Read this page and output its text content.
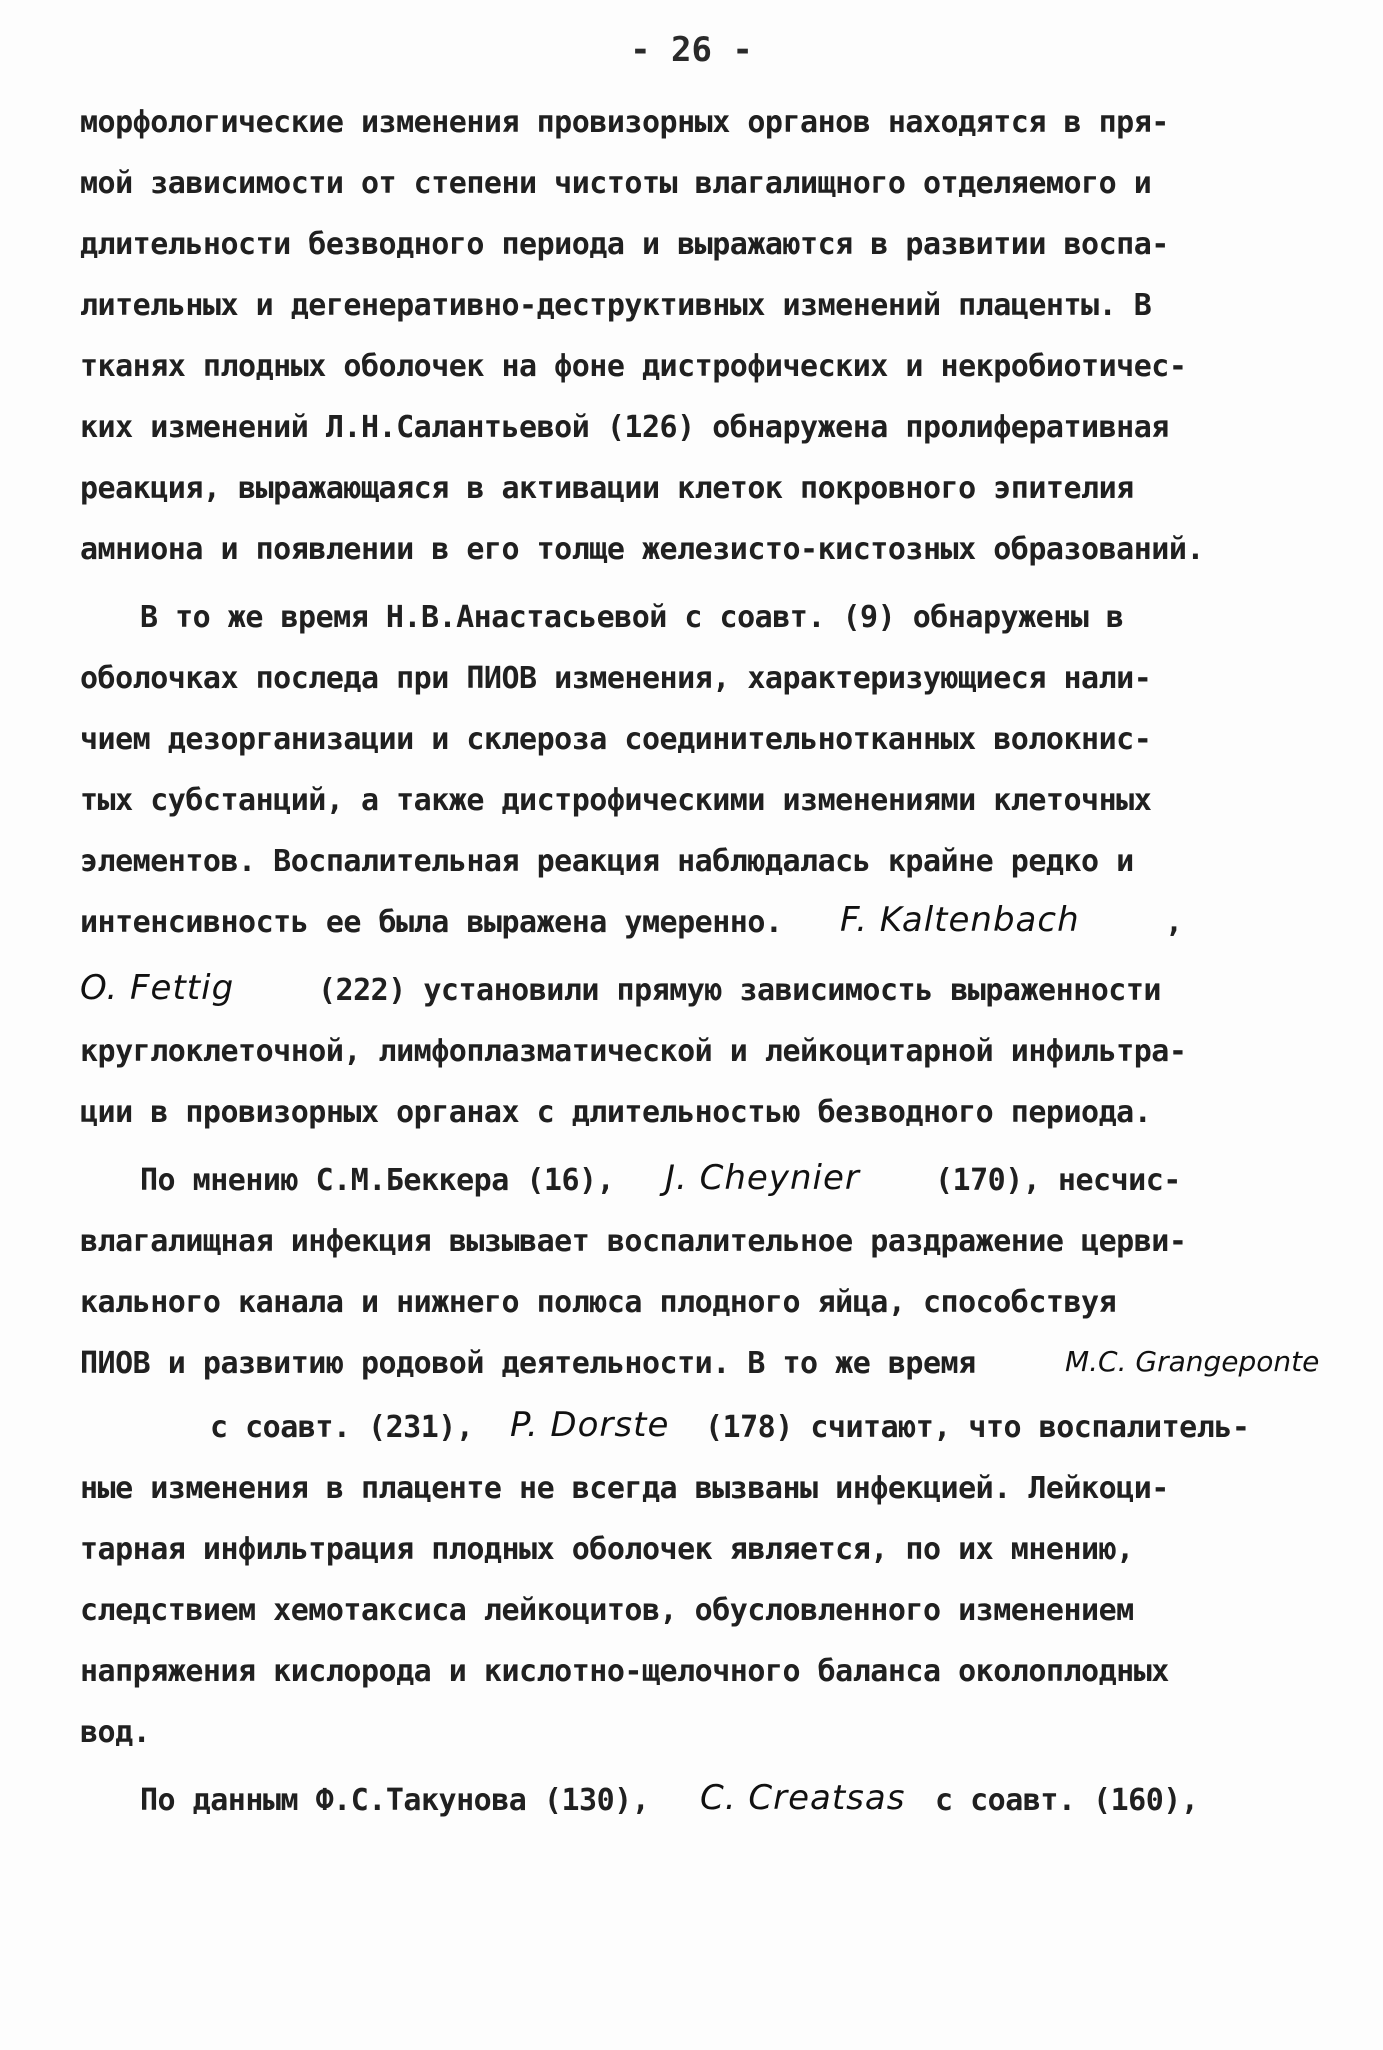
- 26 -
морфологические изменения провизорных органов находятся в пря-
мой зависимости от степени чистоты влагалищного отделяемого и
длительности безводного периода и выражаются в развитии воспа-
лительных и дегенеративно-деструктивных изменений плаценты. В
тканях плодных оболочек на фоне дистрофических и некробиотичес-
ких изменений Л.Н.Салантьевой (126) обнаружена пролиферативная
реакция, выражающаяся в активации клеток покровного эпителия
амниона и появлении в его толще железисто-кистозных образований.
В то же время Н.В.Анастасьевой с соавт. (9) обнаружены в
оболочках последа при ПИОВ изменения, характеризующиеся нали-
чием дезорганизации и склероза соединительнотканных волокнис-
тых субстанций, а также дистрофическими изменениями клеточных
элементов. Воспалительная реакция наблюдалась крайне редко и
интенсивность ее была выражена умеренно. F. Kaltenbach	,
O. Fettig	(222) установили прямую зависимость выраженности
круглоклеточной, лимфоплазматической и лейкоцитарной инфильтра-
ции в провизорных органах с длительностью безводного периода.
По мнению С.М.Беккера (16), J. Cheynier	(170), несчис-
влагалищная инфекция вызывает воспалительное раздражение церви-
кального канала и нижнего полюса плодного яйца, способствуя
ПИОВ и развитию родовой деятельности. В то же время	M.C. Grangeponte
с соавт. (231), P. Dorste (178) считают, что воспалитель-
ные изменения в плаценте не всегда вызваны инфекцией. Лейкоци-
тарная инфильтрация плодных оболочек является, по их мнению,
следствием хемотаксиса лейкоцитов, обусловленного изменением
напряжения кислорода и кислотно-щелочного баланса околоплодных
вод.
По данным Ф.С.Такунова (130), C. Creatsas с соавт. (160),
